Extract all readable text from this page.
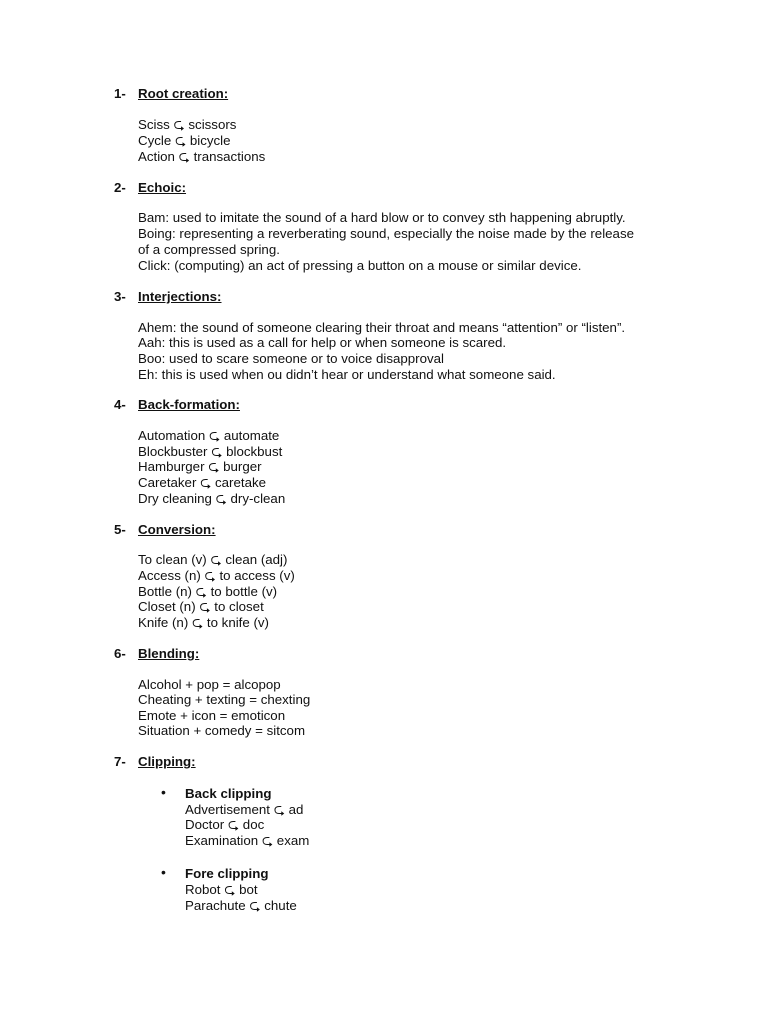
1- Root creation:
Sciss ⮎ scissors
Cycle ⮎ bicycle
Action ⮎ transactions
2- Echoic:
Bam: used to imitate the sound of a hard blow or to convey sth happening abruptly.
Boing: representing a reverberating sound, especially the noise made by the release
of a compressed spring.
Click: (computing) an act of pressing a button on a mouse or similar device.
3- Interjections:
Ahem: the sound of someone clearing their throat and means “attention” or “listen”.
Aah: this is used as a call for help or when someone is scared.
Boo: used to scare someone or to voice disapproval
Eh: this is used when ou didn’t hear or understand what someone said.
4- Back-formation:
Automation ⮎ automate
Blockbuster ⮎ blockbust
Hamburger ⮎ burger
Caretaker ⮎ caretake
Dry cleaning ⮎ dry-clean
5- Conversion:
To clean (v) ⮎ clean (adj)
Access (n) ⮎ to access (v)
Bottle (n) ⮎ to bottle (v)
Closet (n) ⮎ to closet
Knife (n) ⮎ to knife (v)
6- Blending:
Alcohol + pop = alcopop
Cheating + texting = chexting
Emote + icon = emoticon
Situation + comedy = sitcom
7- Clipping:
• Back clipping
Advertisement ⮎ ad
Doctor ⮎ doc
Examination ⮎ exam
• Fore clipping
Robot ⮎ bot
Parachute ⮎ chute
